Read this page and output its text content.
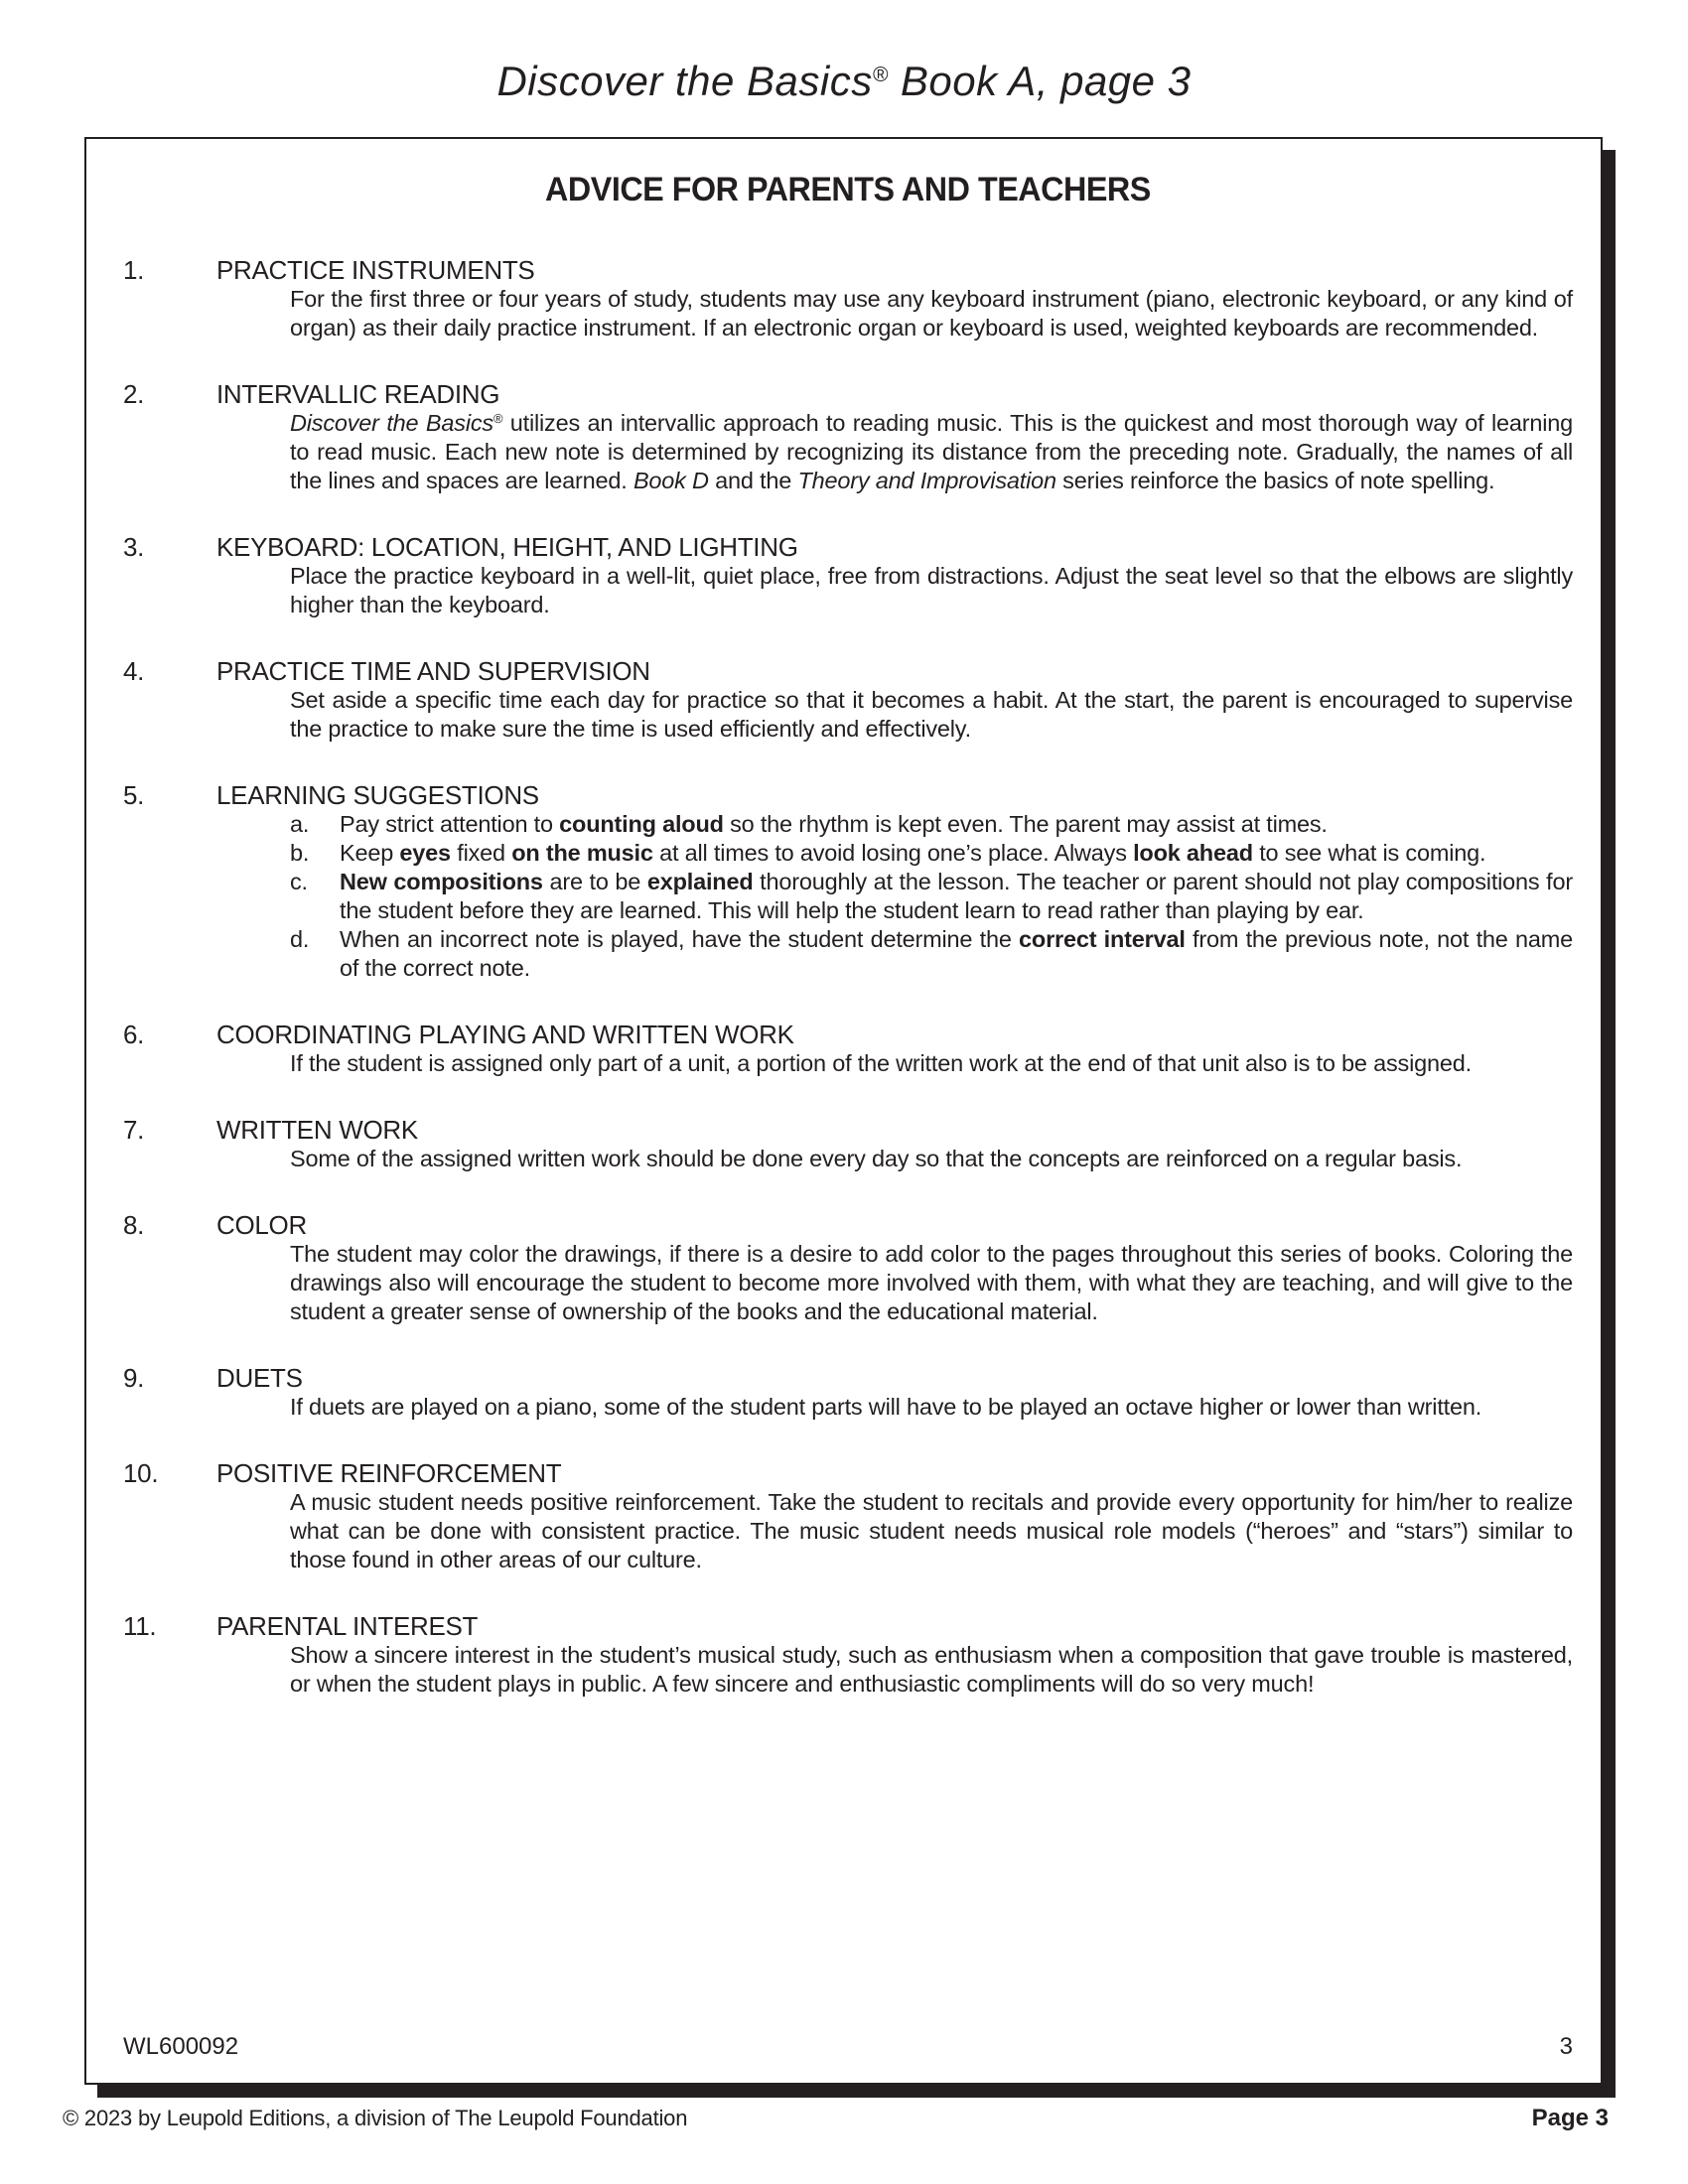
Discover the Basics® Book A, page 3
ADVICE FOR PARENTS AND TEACHERS
1.	PRACTICE INSTRUMENTS
For the first three or four years of study, students may use any keyboard instrument (piano, electronic keyboard, or any kind of organ) as their daily practice instrument. If an electronic organ or keyboard is used, weighted keyboards are recommended.
2.	INTERVALLIC READING
Discover the Basics® utilizes an intervallic approach to reading music. This is the quickest and most thorough way of learning to read music. Each new note is determined by recognizing its distance from the preceding note. Gradually, the names of all the lines and spaces are learned. Book D and the Theory and Improvisation series reinforce the basics of note spelling.
3.	KEYBOARD: LOCATION, HEIGHT, AND LIGHTING
Place the practice keyboard in a well-lit, quiet place, free from distractions. Adjust the seat level so that the elbows are slightly higher than the keyboard.
4.	PRACTICE TIME AND SUPERVISION
Set aside a specific time each day for practice so that it becomes a habit. At the start, the parent is encouraged to supervise the practice to make sure the time is used efficiently and effectively.
5.	LEARNING SUGGESTIONS
a.	Pay strict attention to counting aloud so the rhythm is kept even. The parent may assist at times.
b.	Keep eyes fixed on the music at all times to avoid losing one’s place. Always look ahead to see what is coming.
c.	New compositions are to be explained thoroughly at the lesson. The teacher or parent should not play compositions for the student before they are learned. This will help the student learn to read rather than playing by ear.
d.	When an incorrect note is played, have the student determine the correct interval from the previous note, not the name of the correct note.
6.	COORDINATING PLAYING AND WRITTEN WORK
If the student is assigned only part of a unit, a portion of the written work at the end of that unit also is to be assigned.
7.	WRITTEN WORK
Some of the assigned written work should be done every day so that the concepts are reinforced on a regular basis.
8.	COLOR
The student may color the drawings, if there is a desire to add color to the pages throughout this series of books. Coloring the drawings also will encourage the student to become more involved with them, with what they are teaching, and will give to the student a greater sense of ownership of the books and the educational material.
9.	DUETS
If duets are played on a piano, some of the student parts will have to be played an octave higher or lower than written.
10.	POSITIVE REINFORCEMENT
A music student needs positive reinforcement. Take the student to recitals and provide every opportunity for him/her to realize what can be done with consistent practice. The music student needs musical role models (“heroes” and “stars”) similar to those found in other areas of our culture.
11.	PARENTAL INTEREST
Show a sincere interest in the student’s musical study, such as enthusiasm when a composition that gave trouble is mastered, or when the student plays in public. A few sincere and enthusiastic compliments will do so very much!
WL600092	3
© 2023 by Leupold Editions, a division of The Leupold Foundation	Page 3
